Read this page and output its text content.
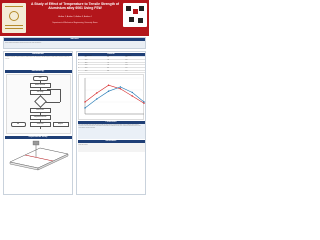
A Study of Effect of Temperature to Tensile Strength of Aluminium alloy 6061 Using FSW
Author 1, Author 2, Author 3, Author 4
Department of Mechanical Engineering, University Name
Abstract
The present study focuses on the friction stir welding of aluminium alloy 6061 at various welding temperatures and evaluates the resulting tensile strength of the joints. The results show that the tensile strength of the welded joints depends on the peak temperature reached during welding, and an optimum temperature window was found for the best joint efficiency.
Introduction
Friction stir welding is a solid state joining process that uses a non-consumable rotating tool to join two facing workpieces without melting the material. Heat is generated by friction between the rotating tool and the workpiece, which leads to a softened region near the tool.
Methodology
Start
Material Selection
Tool Design
FSW Process
Temperature Measure
Tensile Test	Analysis
End
Experimental Setup
Results
No	Speed (rpm)	Temp (°C)	UTS (MPa)
1	800	380	150
2	1000	410	165
3	1200	440	178
4	1400	470	172
5	1600	500	160
6	1800	530	148
Conclusion
The tensile strength of the friction stir welded joints increased with the welding temperature up to an optimum value and then decreased. The best joint efficiency was obtained at moderate tool rotational speeds, where sufficient heat input produced sound welds without excessive softening.
References
[1] Thomas W.M., Friction stir butt welding. [2] Mishra R.S., Friction stir welding and processing. [3] Nandan R., Recent advances in friction stir welding.
